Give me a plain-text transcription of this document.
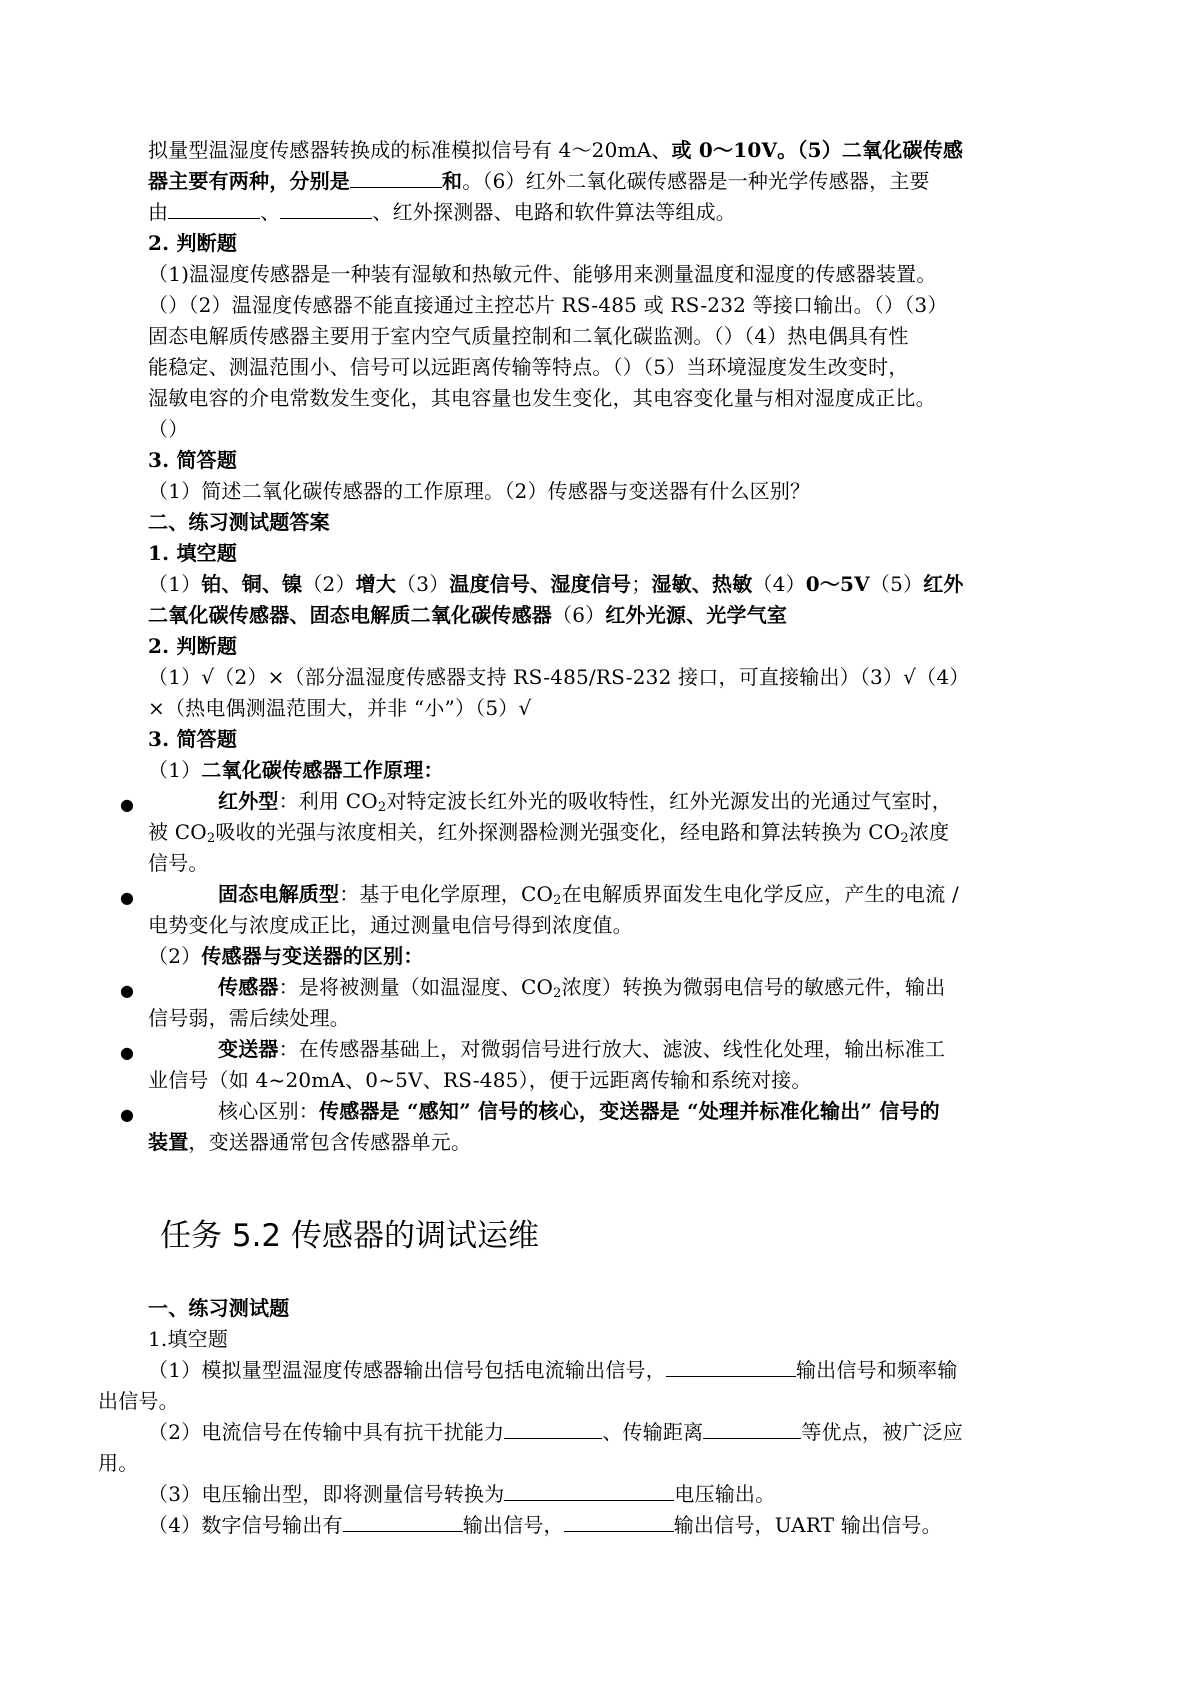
拟量型温湿度传感器转换成的标准模拟信号有 4～20mA、或 0～10V。（5）二氧化碳传感
器主要有两种，分别是	和。（6）红外二氧化碳传感器是一种光学传感器，主要
由	、	、红外探测器、电路和软件算法等组成。
2. 判断题
（1)温湿度传感器是一种装有湿敏和热敏元件、能够用来测量温度和湿度的传感器装置。
（）（2）温湿度传感器不能直接通过主控芯片 RS-485 或 RS-232 等接口输出。（）（3）
固态电解质传感器主要用于室内空气质量控制和二氧化碳监测。（）（4）热电偶具有性
能稳定、测温范围小、信号可以远距离传输等特点。（）（5）当环境湿度发生改变时，
湿敏电容的介电常数发生变化，其电容量也发生变化，其电容变化量与相对湿度成正比。
（）
3. 简答题
（1）简述二氧化碳传感器的工作原理。（2）传感器与变送器有什么区别？
二、练习测试题答案
1. 填空题
（1）铂、铜、镍（2）增大（3）温度信号、湿度信号；湿敏、热敏（4）0～5V（5）红外
二氧化碳传感器、固态电解质二氧化碳传感器（6）红外光源、光学气室
2. 判断题
（1）√（2）×（部分温湿度传感器支持 RS-485/RS-232 接口，可直接输出）（3）√（4）
×（热电偶测温范围大，并非 “小”）（5）√
3. 简答题
（1）二氧化碳传感器工作原理：
●	红外型：利用 $CO_2$对特定波长红外光的吸收特性，红外光源发出的光通过气室时，
被 $CO_2$吸收的光强与浓度相关，红外探测器检测光强变化，经电路和算法转换为 $CO_2$浓度
信号。
●	固态电解质型：基于电化学原理，$CO_2$在电解质界面发生电化学反应，产生的电流 /
电势变化与浓度成正比，通过测量电信号得到浓度值。
（2）传感器与变送器的区别：
●	传感器：是将被测量（如温湿度、$CO_2$浓度）转换为微弱电信号的敏感元件，输出
信号弱，需后续处理。
●	变送器：在传感器基础上，对微弱信号进行放大、滤波、线性化处理，输出标准工
业信号（如 4~20mA、0~5V、RS-485），便于远距离传输和系统对接。
●	核心区别：传感器是 “感知” 信号的核心，变送器是 “处理并标准化输出” 信号的
装置，变送器通常包含传感器单元。
任务 5.2 传感器的调试运维
一、练习测试题
1.填空题
（1）模拟量型温湿度传感器输出信号包括电流输出信号，	输出信号和频率输
出信号。
（2）电流信号在传输中具有抗干扰能力	、传输距离	等优点，被广泛应
用。
（3）电压输出型，即将测量信号转换为	电压输出。
（4）数字信号输出有	输出信号，	输出信号，UART 输出信号。
